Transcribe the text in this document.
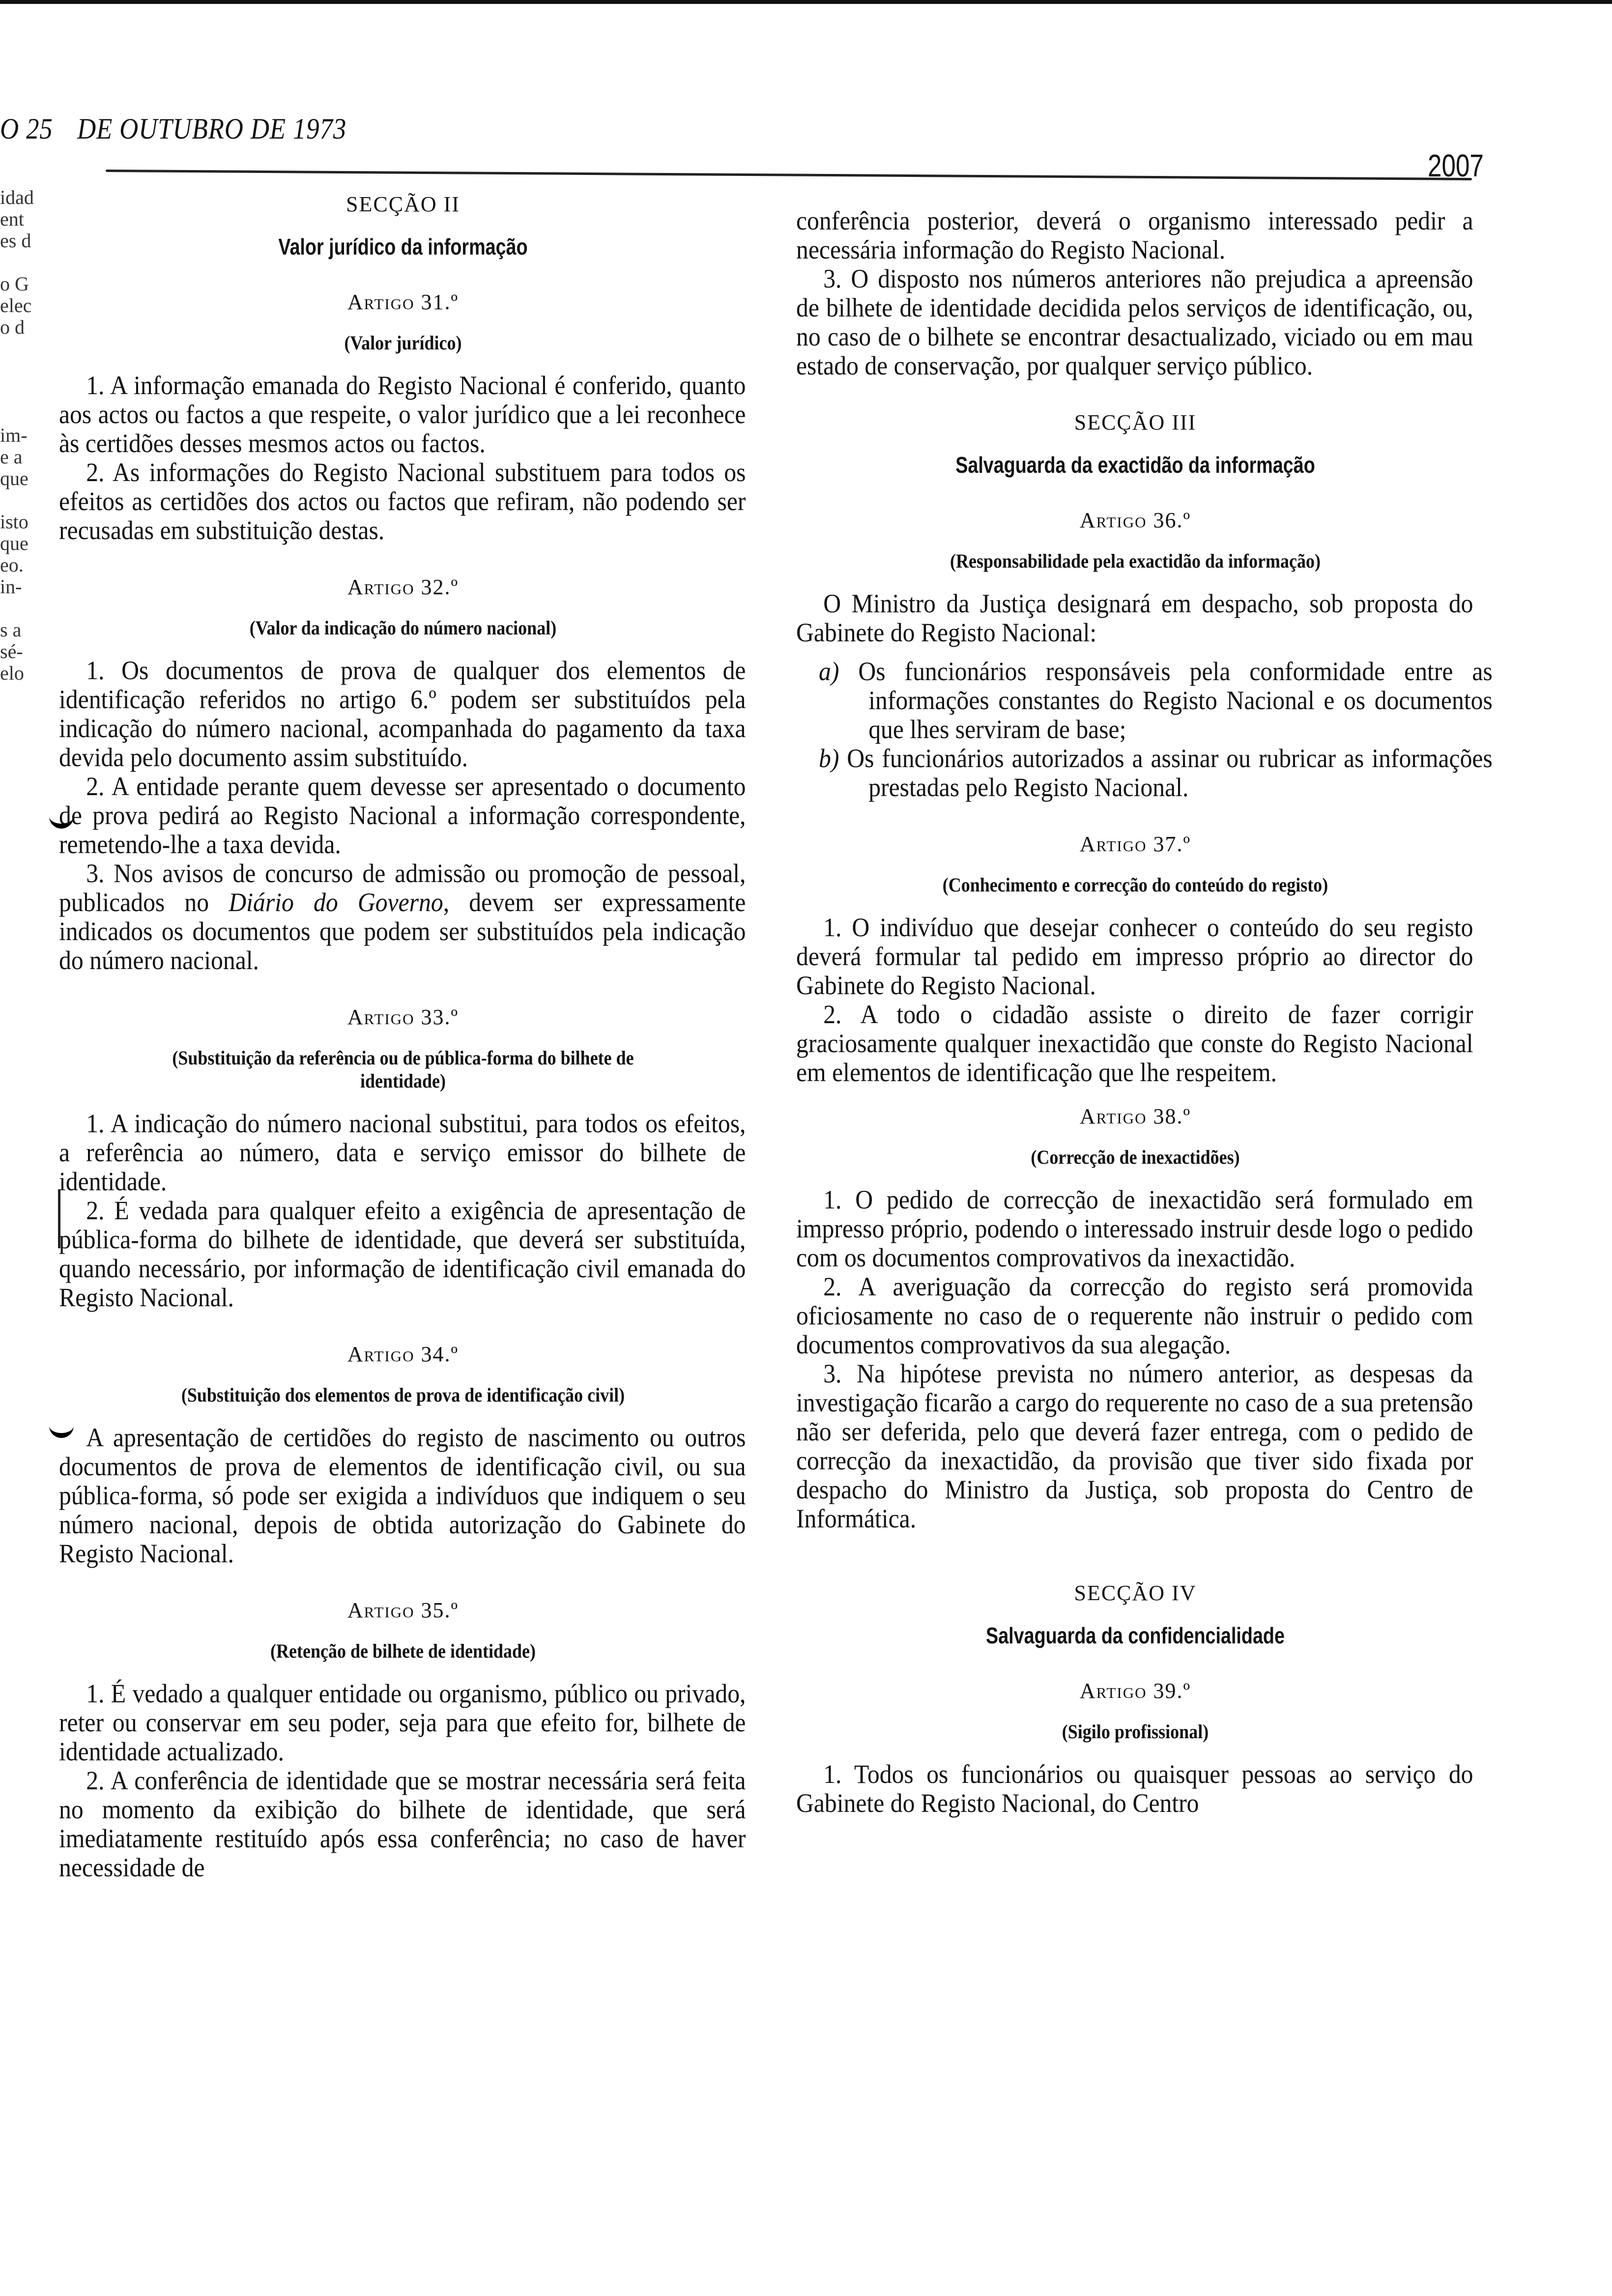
O 25 DE OUTUBRO DE 1973
2007
idad
ent
es d
o G
elec
o d
im-
e a
que
isto
que
eo.
in-
s a
sé-
elo

SECÇÃO II

Valor jurídico da informação

Artigo 31.º

(Valor jurídico)

1. A informação emanada do Registo Nacional é conferido, quanto aos actos ou factos a que respeite, o valor jurídico que a lei reconhece às certidões desses mesmos actos ou factos.

2. As informações do Registo Nacional substituem para todos os efeitos as certidões dos actos ou factos que refiram, não podendo ser recusadas em substituição destas.

Artigo 32.º

(Valor da indicação do número nacional)

1. Os documentos de prova de qualquer dos elementos de identificação referidos no artigo 6.º podem ser substituídos pela indicação do número nacional, acompanhada do pagamento da taxa devida pelo documento assim substituído.

2. A entidade perante quem devesse ser apresentado o documento de prova pedirá ao Registo Nacional a informação correspondente, remetendo-lhe a taxa devida.

3. Nos avisos de concurso de admissão ou promoção de pessoal, publicados no Diário do Governo, devem ser expressamente indicados os documentos que podem ser substituídos pela indicação do número nacional.

Artigo 33.º

(Substituição da referência ou de pública-forma do bilhete de identidade)

1. A indicação do número nacional substitui, para todos os efeitos, a referência ao número, data e serviço emissor do bilhete de identidade.

2. É vedada para qualquer efeito a exigência de apresentação de pública-forma do bilhete de identidade, que deverá ser substituída, quando necessário, por informação de identificação civil emanada do Registo Nacional.

Artigo 34.º

(Substituição dos elementos de prova de identificação civil)

A apresentação de certidões do registo de nascimento ou outros documentos de prova de elementos de identificação civil, ou sua pública-forma, só pode ser exigida a indivíduos que indiquem o seu número nacional, depois de obtida autorização do Gabinete do Registo Nacional.

Artigo 35.º

(Retenção de bilhete de identidade)

1. É vedado a qualquer entidade ou organismo, público ou privado, reter ou conservar em seu poder, seja para que efeito for, bilhete de identidade actualizado.

2. A conferência de identidade que se mostrar necessária será feita no momento da exibição do bilhete de identidade, que será imediatamente restituído após essa conferência; no caso de haver necessidade de

conferência posterior, deverá o organismo interessado pedir a necessária informação do Registo Nacional.

3. O disposto nos números anteriores não prejudica a apreensão de bilhete de identidade decidida pelos serviços de identificação, ou, no caso de o bilhete se encontrar desactualizado, viciado ou em mau estado de conservação, por qualquer serviço público.

SECÇÃO III

Salvaguarda da exactidão da informação

Artigo 36.º

(Responsabilidade pela exactidão da informação)

O Ministro da Justiça designará em despacho, sob proposta do Gabinete do Registo Nacional:

a) Os funcionários responsáveis pela conformidade entre as informações constantes do Registo Nacional e os documentos que lhes serviram de base;

b) Os funcionários autorizados a assinar ou rubricar as informações prestadas pelo Registo Nacional.

Artigo 37.º

(Conhecimento e correcção do conteúdo do registo)

1. O indivíduo que desejar conhecer o conteúdo do seu registo deverá formular tal pedido em impresso próprio ao director do Gabinete do Registo Nacional.

2. A todo o cidadão assiste o direito de fazer corrigir graciosamente qualquer inexactidão que conste do Registo Nacional em elementos de identificação que lhe respeitem.

Artigo 38.º

(Correcção de inexactidões)

1. O pedido de correcção de inexactidão será formulado em impresso próprio, podendo o interessado instruir desde logo o pedido com os documentos comprovativos da inexactidão.

2. A averiguação da correcção do registo será promovida oficiosamente no caso de o requerente não instruir o pedido com documentos comprovativos da sua alegação.

3. Na hipótese prevista no número anterior, as despesas da investigação ficarão a cargo do requerente no caso de a sua pretensão não ser deferida, pelo que deverá fazer entrega, com o pedido de correcção da inexactidão, da provisão que tiver sido fixada por despacho do Ministro da Justiça, sob proposta do Centro de Informática.

SECÇÃO IV

Salvaguarda da confidencialidade

Artigo 39.º

(Sigilo profissional)

1. Todos os funcionários ou quaisquer pessoas ao serviço do Gabinete do Registo Nacional, do Centro
